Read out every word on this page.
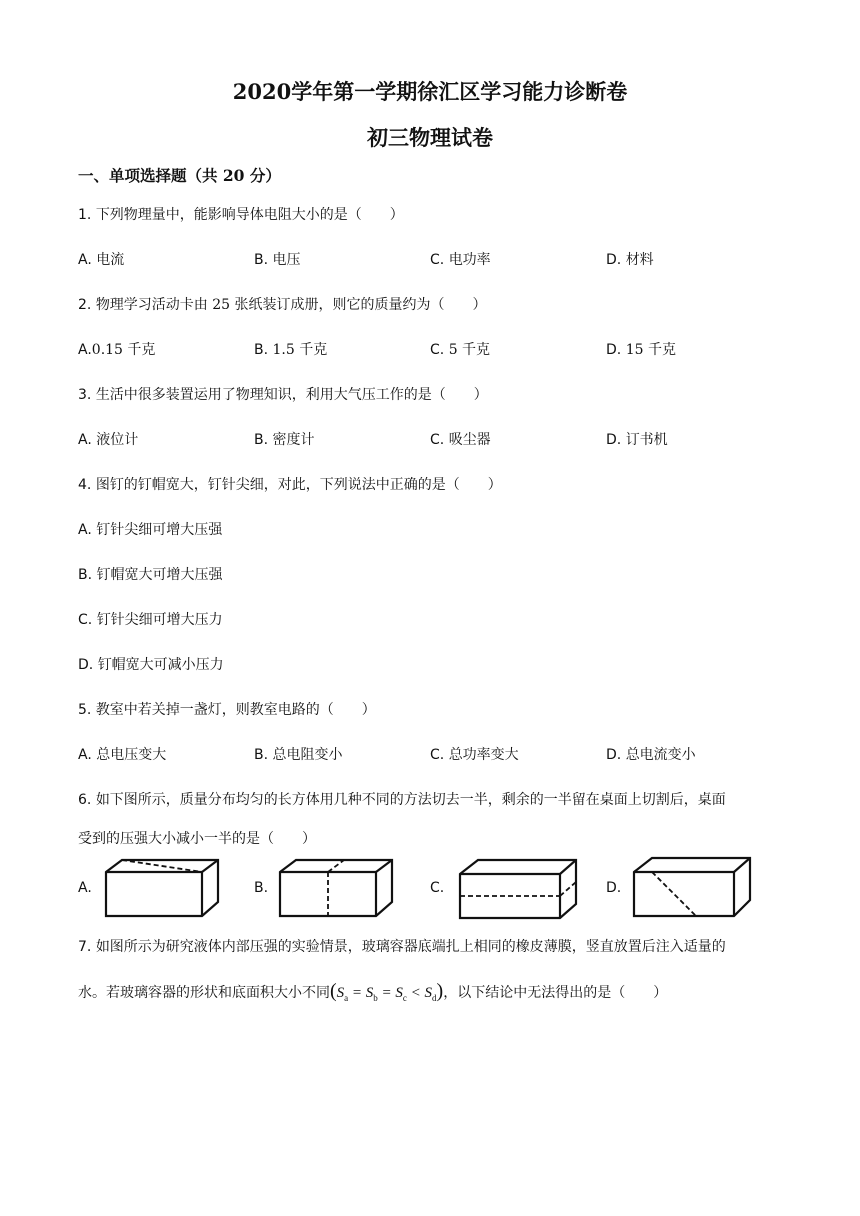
2020学年第一学期徐汇区学习能力诊断卷
初三物理试卷
一、单项选择题（共 20 分）
1. 下列物理量中，能影响导体电阻大小的是（　　）
A. 电流	B. 电压	C. 电功率	D. 材料
2. 物理学习活动卡由 25 张纸装订成册，则它的质量约为（　　）
A.0.15 千克	B. 1.5 千克	C. 5 千克	D. 15 千克
3. 生活中很多装置运用了物理知识，利用大气压工作的是（　　）
A. 液位计	B. 密度计	C. 吸尘器	D. 订书机
4. 图钉的钉帽宽大，钉针尖细，对此，下列说法中正确的是（　　）
A. 钉针尖细可增大压强
B. 钉帽宽大可增大压强
C. 钉针尖细可增大压力
D. 钉帽宽大可减小压力
5. 教室中若关掉一盏灯，则教室电路的（　　）
A. 总电压变大	B. 总电阻变小	C. 总功率变大	D. 总电流变小
6. 如下图所示，质量分布均匀的长方体用几种不同的方法切去一半，剩余的一半留在桌面上切割后，桌面
受到的压强大小减小一半的是（　　）
A.	B.	C.	D.
7. 如图所示为研究液体内部压强的实验情景，玻璃容器底端扎上相同的橡皮薄膜，竖直放置后注入适量的
水。若玻璃容器的形状和底面积大小不同$(S_a = S_b = S_c < S_d)$，以下结论中无法得出的是（　　）
